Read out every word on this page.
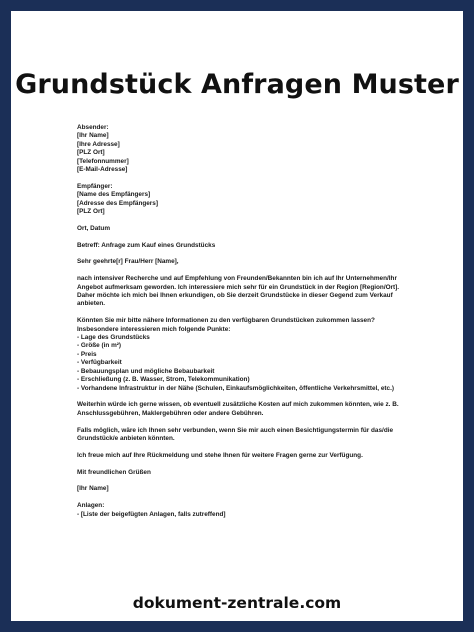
Grundstück Anfragen Muster
Absender:
[Ihr Name]
[Ihre Adresse]
[PLZ Ort]
[Telefonnummer]
[E-Mail-Adresse]
Empfänger:
[Name des Empfängers]
[Adresse des Empfängers]
[PLZ Ort]
Ort, Datum
Betreff: Anfrage zum Kauf eines Grundstücks
Sehr geehrte[r] Frau/Herr [Name],
nach intensiver Recherche und auf Empfehlung von Freunden/Bekannten bin ich auf Ihr Unternehmen/Ihr Angebot aufmerksam geworden. Ich interessiere mich sehr für ein Grundstück in der Region [Region/Ort]. Daher möchte ich mich bei Ihnen erkundigen, ob Sie derzeit Grundstücke in dieser Gegend zum Verkauf anbieten.
Könnten Sie mir bitte nähere Informationen zu den verfügbaren Grundstücken zukommen lassen?
Insbesondere interessieren mich folgende Punkte:
- Lage des Grundstücks
- Größe (in m²)
- Preis
- Verfügbarkeit
- Bebauungsplan und mögliche Bebaubarkeit
- Erschließung (z. B. Wasser, Strom, Telekommunikation)
- Vorhandene Infrastruktur in der Nähe (Schulen, Einkaufsmöglichkeiten, öffentliche Verkehrsmittel, etc.)
Weiterhin würde ich gerne wissen, ob eventuell zusätzliche Kosten auf mich zukommen könnten, wie z. B. Anschlussgebühren, Maklergebühren oder andere Gebühren.
Falls möglich, wäre ich Ihnen sehr verbunden, wenn Sie mir auch einen Besichtigungstermin für das/die Grundstück/e anbieten könnten.
Ich freue mich auf Ihre Rückmeldung und stehe Ihnen für weitere Fragen gerne zur Verfügung.
Mit freundlichen Grüßen
[Ihr Name]
Anlagen:
- [Liste der beigefügten Anlagen, falls zutreffend]
dokument-zentrale.com
